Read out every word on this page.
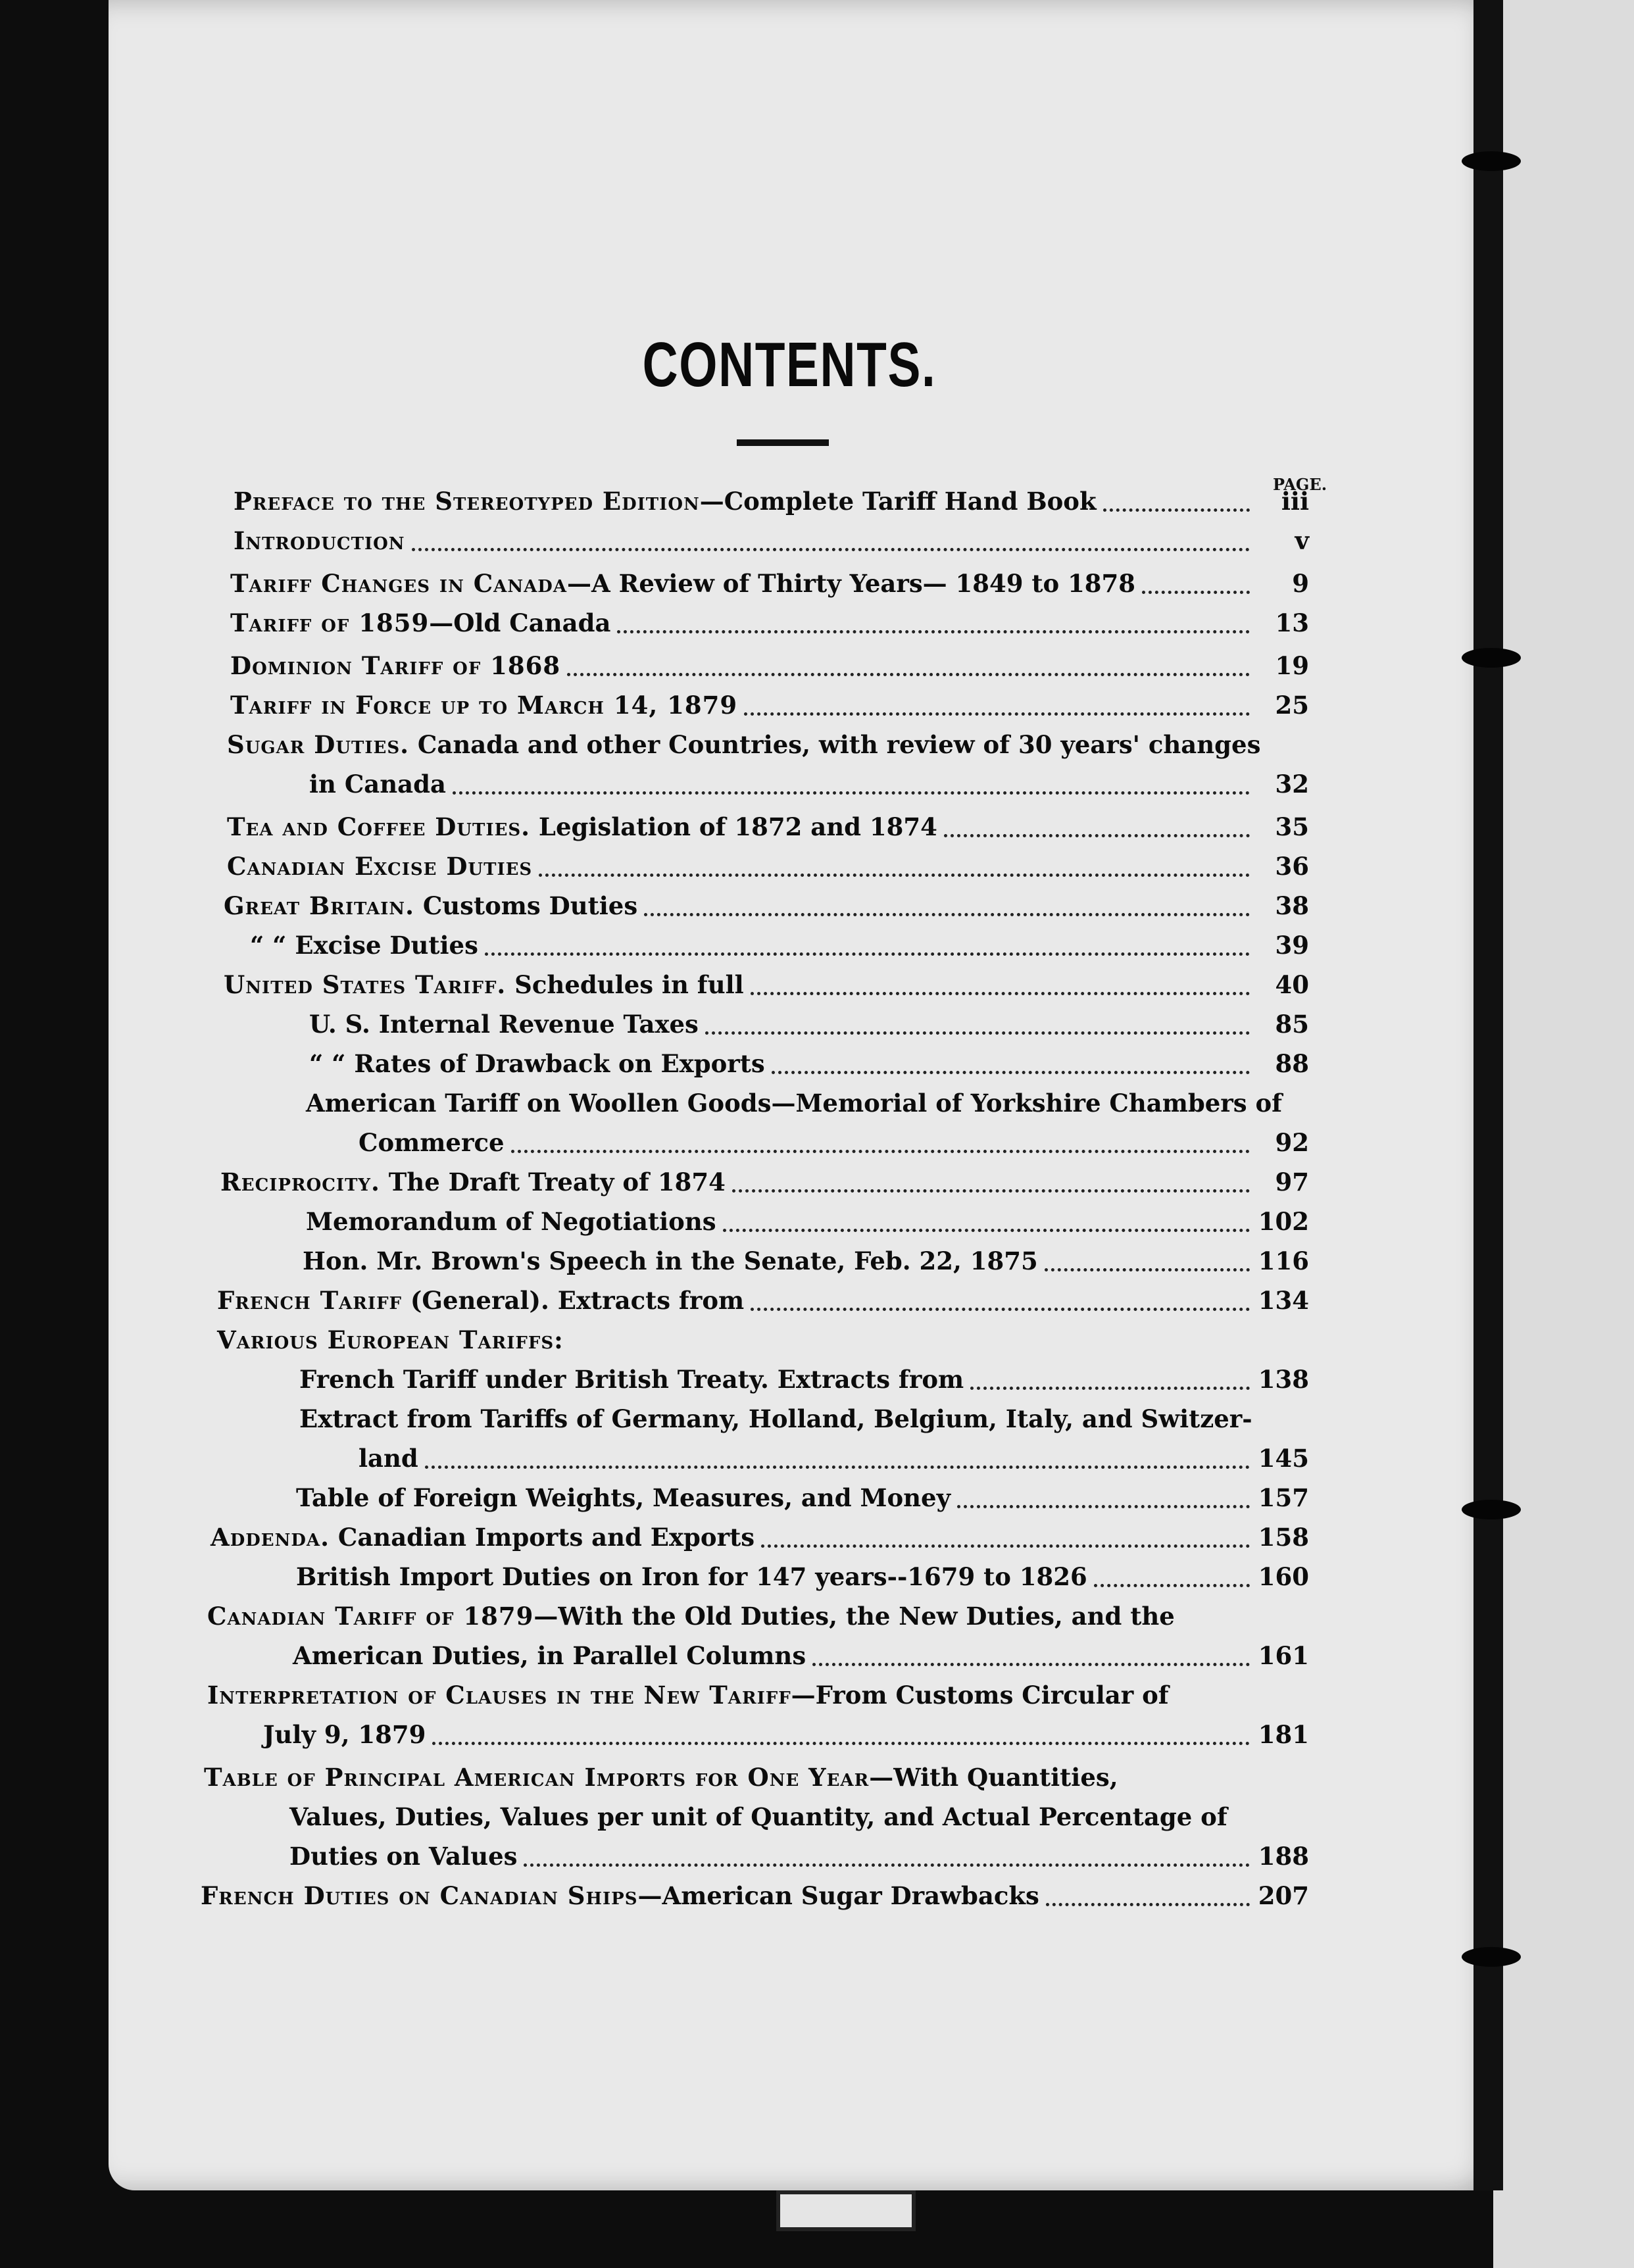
CONTENTS.
PAGE.
Preface to the Stereotyped Edition—Complete Tariff Hand Book	iii
Introduction	v
Tariff Changes in Canada—A Review of Thirty Years— 1849 to 1878	9
Tariff of 1859—Old Canada	13
Dominion Tariff of 1868	19
Tariff in Force up to March 14, 1879	25
Sugar Duties. Canada and other Countries, with review of 30 years' changes
in Canada	32
Tea and Coffee Duties. Legislation of 1872 and 1874	35
Canadian Excise Duties	36
Great Britain. Customs Duties	38
“ “ Excise Duties	39
United States Tariff. Schedules in full	40
U. S. Internal Revenue Taxes	85
“ “ Rates of Drawback on Exports	88
American Tariff on Woollen Goods—Memorial of Yorkshire Chambers of
Commerce	92
Reciprocity. The Draft Treaty of 1874	97
Memorandum of Negotiations	102
Hon. Mr. Brown's Speech in the Senate, Feb. 22, 1875	116
French Tariff (General). Extracts from	134
Various European Tariffs:
French Tariff under British Treaty. Extracts from	138
Extract from Tariffs of Germany, Holland, Belgium, Italy, and Switzer-
land	145
Table of Foreign Weights, Measures, and Money	157
Addenda. Canadian Imports and Exports	158
British Import Duties on Iron for 147 years--1679 to 1826	160
Canadian Tariff of 1879—With the Old Duties, the New Duties, and the
American Duties, in Parallel Columns	161
Interpretation of Clauses in the New Tariff—From Customs Circular of
July 9, 1879	181
Table of Principal American Imports for One Year—With Quantities,
Values, Duties, Values per unit of Quantity, and Actual Percentage of
Duties on Values	188
French Duties on Canadian Ships—American Sugar Drawbacks	207
